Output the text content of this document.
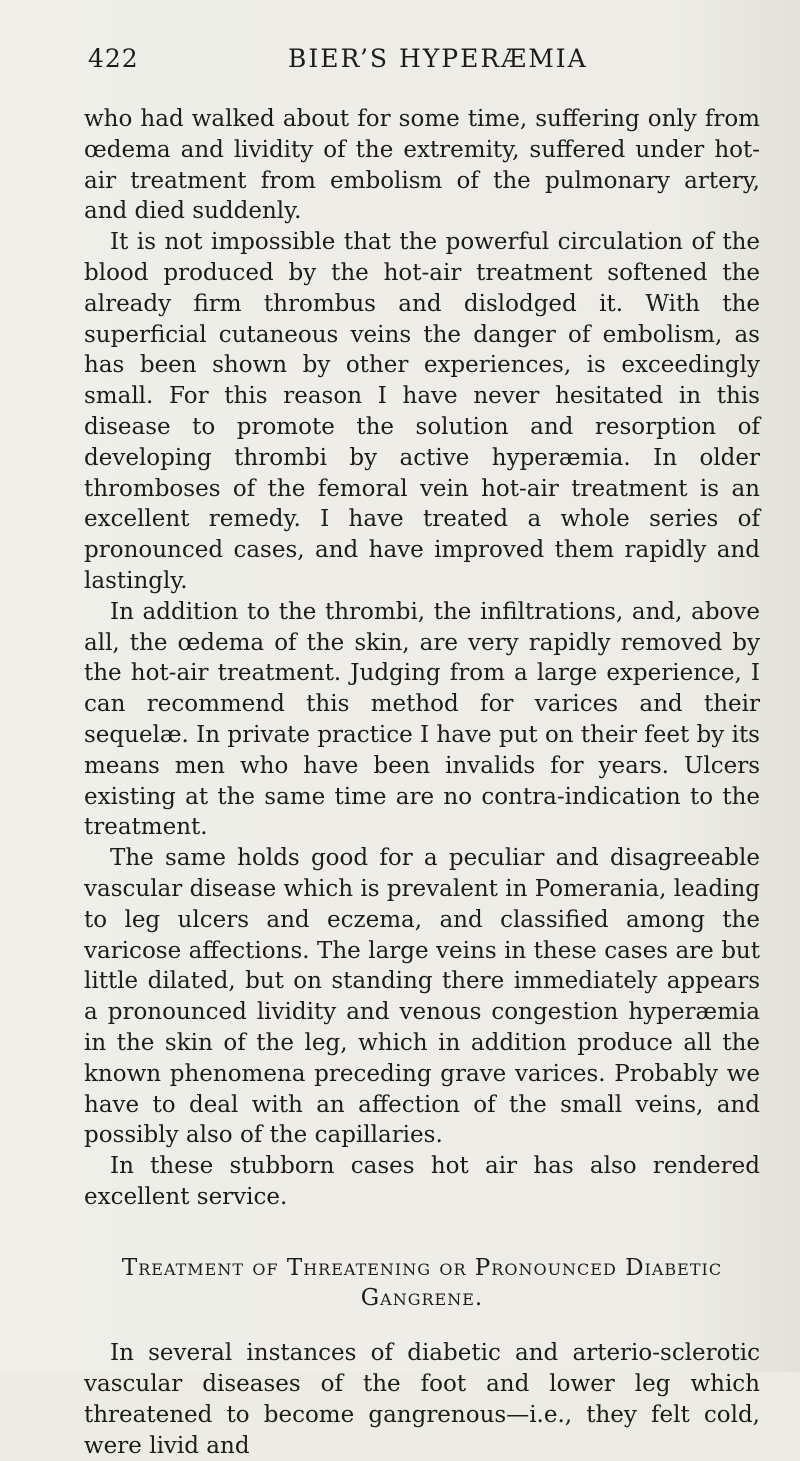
422	BIER’S HYPERÆMIA

who had walked about for some time, suffering only from œdema and lividity of the extremity, suffered under hot-air treatment from embolism of the pulmonary artery, and died suddenly.

It is not impossible that the powerful circulation of the blood produced by the hot-air treatment softened the already firm thrombus and dislodged it. With the superficial cutaneous veins the danger of embolism, as has been shown by other experiences, is exceedingly small. For this reason I have never hesitated in this disease to promote the solution and resorption of developing thrombi by active hyperæmia. In older thromboses of the femoral vein hot-air treatment is an excellent remedy. I have treated a whole series of pronounced cases, and have improved them rapidly and lastingly.

In addition to the thrombi, the infiltrations, and, above all, the œdema of the skin, are very rapidly removed by the hot-air treatment. Judging from a large experience, I can recommend this method for varices and their sequelæ. In private practice I have put on their feet by its means men who have been invalids for years. Ulcers existing at the same time are no contra-indication to the treatment.

The same holds good for a peculiar and disagreeable vascular disease which is prevalent in Pomerania, leading to leg ulcers and eczema, and classified among the varicose affections. The large veins in these cases are but little dilated, but on standing there immediately appears a pronounced lividity and venous congestion hyperæmia in the skin of the leg, which in addition produce all the known phenomena preceding grave varices. Probably we have to deal with an affection of the small veins, and possibly also of the capillaries.

In these stubborn cases hot air has also rendered excellent service.

Treatment of Threatening or Pronounced Diabetic Gangrene.

In several instances of diabetic and arterio-sclerotic vascular diseases of the foot and lower leg which threatened to become gangrenous—i.e., they felt cold, were livid and
